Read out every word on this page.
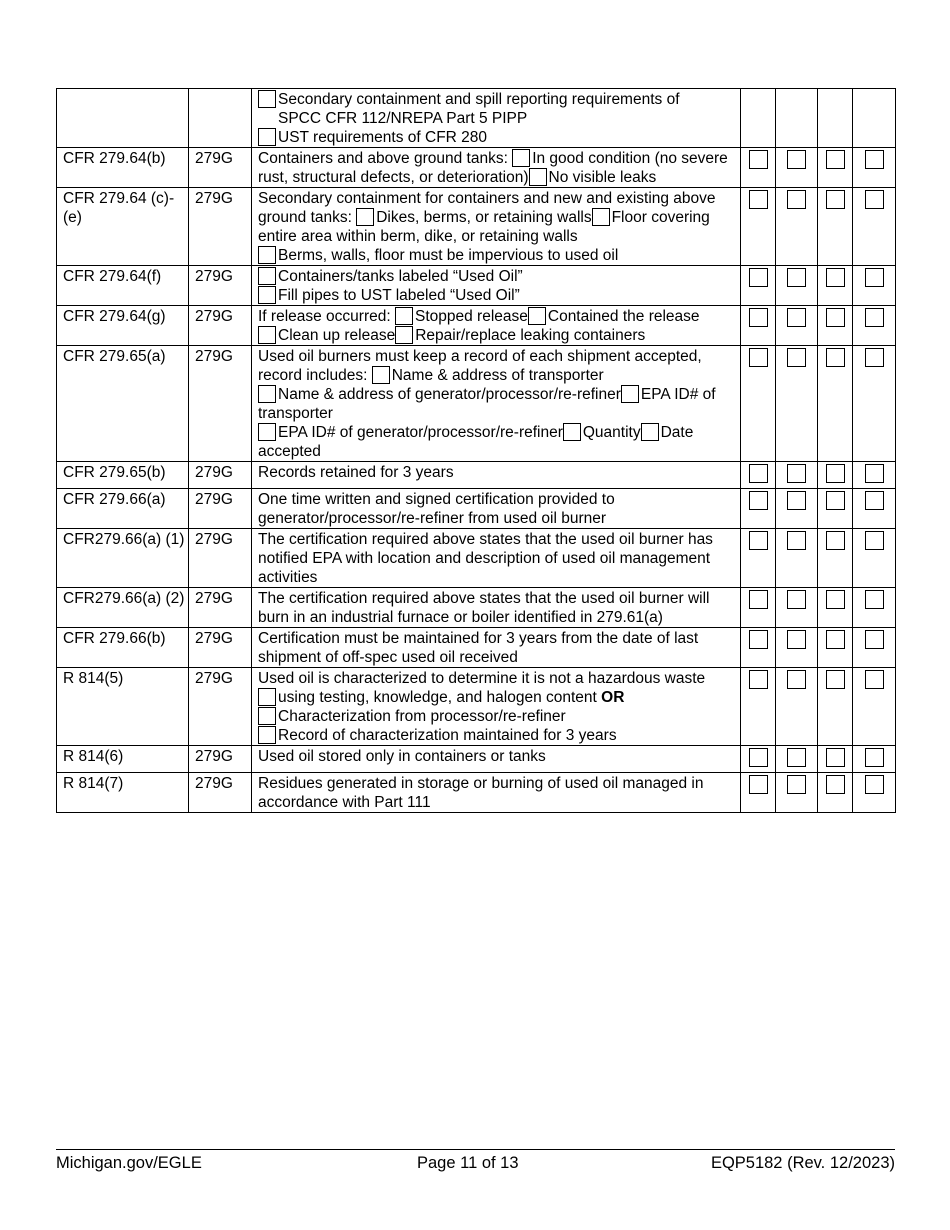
		Secondary containment and spill reporting requirements of
SPCC CFR 112/NREPA Part 5 PIPP
UST requirements of CFR 280				
CFR 279.64(b)	279G	Containers and above ground tanks: In good condition (no severe rust, structural defects, or deterioration) No visible leaks				
CFR 279.64 (c)-(e)	279G	Secondary containment for containers and new and existing above ground tanks: Dikes, berms, or retaining walls Floor covering entire area within berm, dike, or retaining walls
Berms, walls, floor must be impervious to used oil				
CFR 279.64(f)	279G	Containers/tanks labeled “Used Oil”
Fill pipes to UST labeled “Used Oil”				
CFR 279.64(g)	279G	If release occurred: Stopped release Contained the release
Clean up release Repair/replace leaking containers				
CFR 279.65(a)	279G	Used oil burners must keep a record of each shipment accepted, record includes: Name & address of transporter
Name & address of generator/processor/re-refiner EPA ID# of transporter
EPA ID# of generator/processor/re-refiner Quantity Date accepted				
CFR 279.65(b)	279G	Records retained for 3 years				
CFR 279.66(a)	279G	One time written and signed certification provided to generator/processor/re-refiner from used oil burner				
CFR279.66(a) (1)	279G	The certification required above states that the used oil burner has notified EPA with location and description of used oil management activities				
CFR279.66(a) (2)	279G	The certification required above states that the used oil burner will burn in an industrial furnace or boiler identified in 279.61(a)				
CFR 279.66(b)	279G	Certification must be maintained for 3 years from the date of last shipment of off-spec used oil received				
R 814(5)	279G	Used oil is characterized to determine it is not a hazardous waste
using testing, knowledge, and halogen content OR
Characterization from processor/re-refiner
Record of characterization maintained for 3 years				
R 814(6)	279G	Used oil stored only in containers or tanks				
R 814(7)	279G	Residues generated in storage or burning of used oil managed in accordance with Part 111				
Michigan.gov/EGLE	Page 11 of 13	EQP5182 (Rev. 12/2023)
